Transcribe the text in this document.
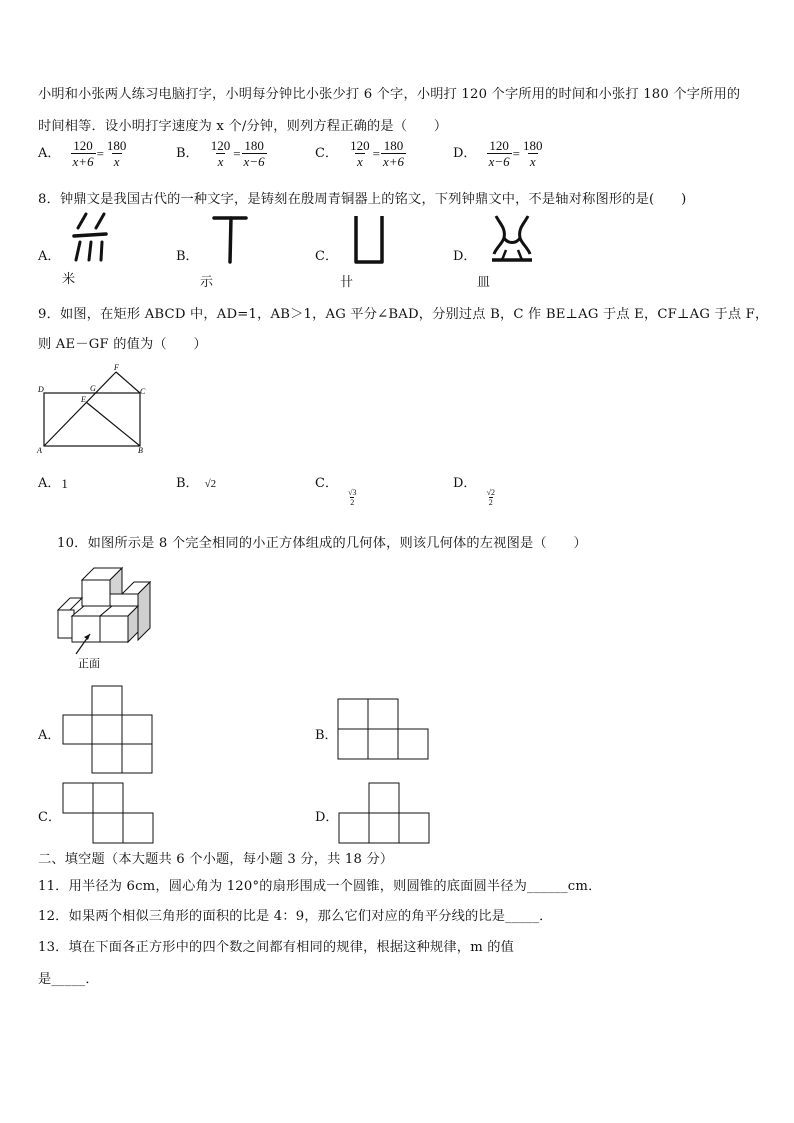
小明和小张两人练习电脑打字，小明每分钟比小张少打 6 个字，小明打 120 个字所用的时间和小张打 180 个字所用的
时间相等．设小明打字速度为 x 个/分钟，则列方程正确的是（　　）
A． $\frac{120}{x+6} = \frac{180}{x}$	B． $\frac{120}{x} = \frac{180}{x-6}$	C． $\frac{120}{x} = \frac{180}{x+6}$	D． $\frac{120}{x-6} = \frac{180}{x}$
8．钟鼎文是我国古代的一种文字，是铸刻在殷周青铜器上的铭文，下列钟鼎文中，不是轴对称图形的是(　　)
A．
米
B．
示
C．
卄
D．
皿
9．如图，在矩形 ABCD 中，AD=1，AB＞1，AG 平分∠BAD，分别过点 B，C 作 BE⊥AG 于点 E，CF⊥AG 于点 F，
则 AE－GF 的值为（　　）
D	G
F
C
E
A	B
A．1	B． √2	C．
$\frac{√3}{2}$
D．
$\frac{√2}{2}$
10．如图所示是 8 个完全相同的小正方体组成的几何体，则该几何体的左视图是（　　）
正面
A．	B．
C．	D．
二、填空题（本大题共 6 个小题，每小题 3 分，共 18 分）
11．用半径为 6cm，圆心角为 120°的扇形围成一个圆锥，则圆锥的底面圆半径为______cm．
12．如果两个相似三角形的面积的比是 4：9，那么它们对应的角平分线的比是_____．
13．填在下面各正方形中的四个数之间都有相同的规律，根据这种规律，m 的值
是_____．
